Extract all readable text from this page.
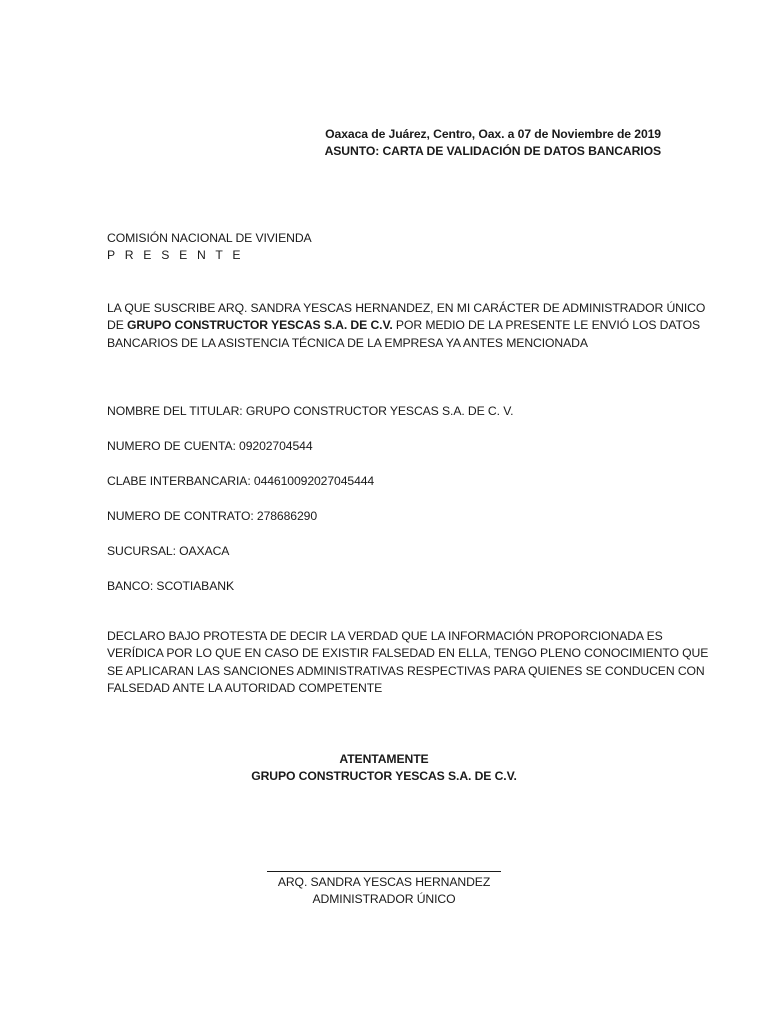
Oaxaca de Juárez, Centro, Oax. a 07 de Noviembre de 2019
ASUNTO: CARTA DE VALIDACIÓN DE DATOS BANCARIOS
COMISIÓN NACIONAL DE VIVIENDA
P R E S E N T E
LA QUE SUSCRIBE ARQ. SANDRA YESCAS HERNANDEZ, EN MI CARÁCTER DE ADMINISTRADOR ÚNICO
DE GRUPO CONSTRUCTOR YESCAS S.A. DE C.V. POR MEDIO DE LA PRESENTE LE ENVIÓ LOS DATOS
BANCARIOS DE LA ASISTENCIA TÉCNICA DE LA EMPRESA YA ANTES MENCIONADA
NOMBRE DEL TITULAR: GRUPO CONSTRUCTOR YESCAS S.A. DE C. V.
NUMERO DE CUENTA: 09202704544
CLABE INTERBANCARIA: 044610092027045444
NUMERO DE CONTRATO: 278686290
SUCURSAL: OAXACA
BANCO: SCOTIABANK
DECLARO BAJO PROTESTA DE DECIR LA VERDAD QUE LA INFORMACIÓN PROPORCIONADA ES
VERÍDICA POR LO QUE EN CASO DE EXISTIR FALSEDAD EN ELLA, TENGO PLENO CONOCIMIENTO QUE
SE APLICARAN LAS SANCIONES ADMINISTRATIVAS RESPECTIVAS PARA QUIENES SE CONDUCEN CON
FALSEDAD ANTE LA AUTORIDAD COMPETENTE
ATENTAMENTE
GRUPO CONSTRUCTOR YESCAS S.A. DE C.V.
ARQ. SANDRA YESCAS HERNANDEZ
ADMINISTRADOR ÚNICO
